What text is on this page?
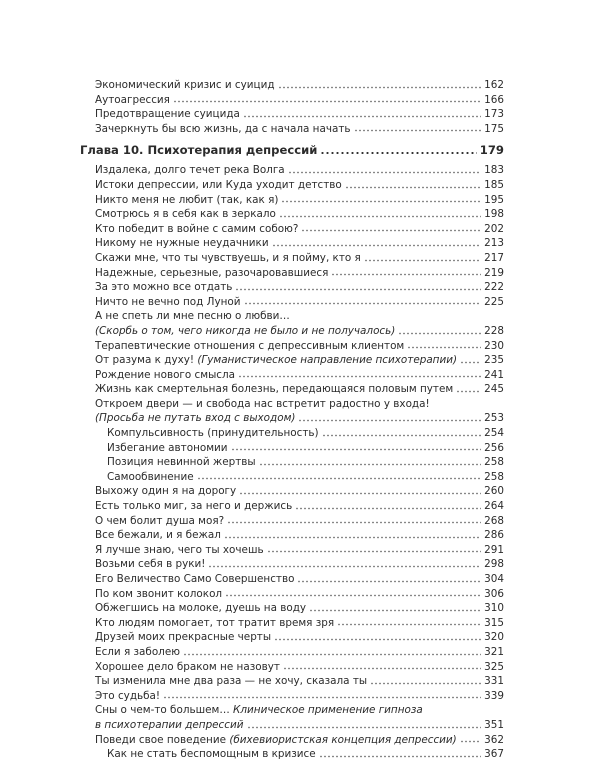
Экономический кризис и суицид	162
Аутоагрессия	166
Предотвращение суицида	173
Зачеркнуть бы всю жизнь, да с начала начать	175
Глава 10. Психотерапия депрессий	179
Издалека, долго течет река Волга	183
Истоки депрессии, или Куда уходит детство	185
Никто меня не любит (так, как я)	195
Смотрюсь я в себя как в зеркало	198
Кто победит в войне с самим собою?	202
Никому не нужные неудачники	213
Скажи мне, что ты чувствуешь, и я пойму, кто я	217
Надежные, серьезные, разочаровавшиеся	219
За это можно все отдать	222
Ничто не вечно под Луной	225
А не спеть ли мне песню о любви…
(Скорбь о том, чего никогда не было и не получалось)	228
Терапевтические отношения с депрессивным клиентом	230
От разума к духу! (Гуманистическое направление психотерапии)	235
Рождение нового смысла	241
Жизнь как смертельная болезнь, передающаяся половым путем	245
Откроем двери — и свобода нас встретит радостно у входа!
(Просьба не путать вход с выходом)	253
Компульсивность (принудительность)	254
Избегание автономии	256
Позиция невинной жертвы	258
Самообвинение	258
Выхожу один я на дорогу	260
Есть только миг, за него и держись	264
О чем болит душа моя?	268
Все бежали, и я бежал	286
Я лучше знаю, чего ты хочешь	291
Возьми себя в руки!	298
Его Величество Само Совершенство	304
По ком звонит колокол	306
Обжегшись на молоке, дуешь на воду	310
Кто людям помогает, тот тратит время зря	315
Друзей моих прекрасные черты	320
Если я заболею	321
Хорошее дело браком не назовут	325
Ты изменила мне два раза — не хочу, сказала ты	331
Это судьба!	339
Сны о чем-то большем… Клиническое применение гипноза
в психотерапии депрессий	351
Поведи свое поведение (бихевиористская концепция депрессии)	362
Как не стать беспомощным в кризисе	367
